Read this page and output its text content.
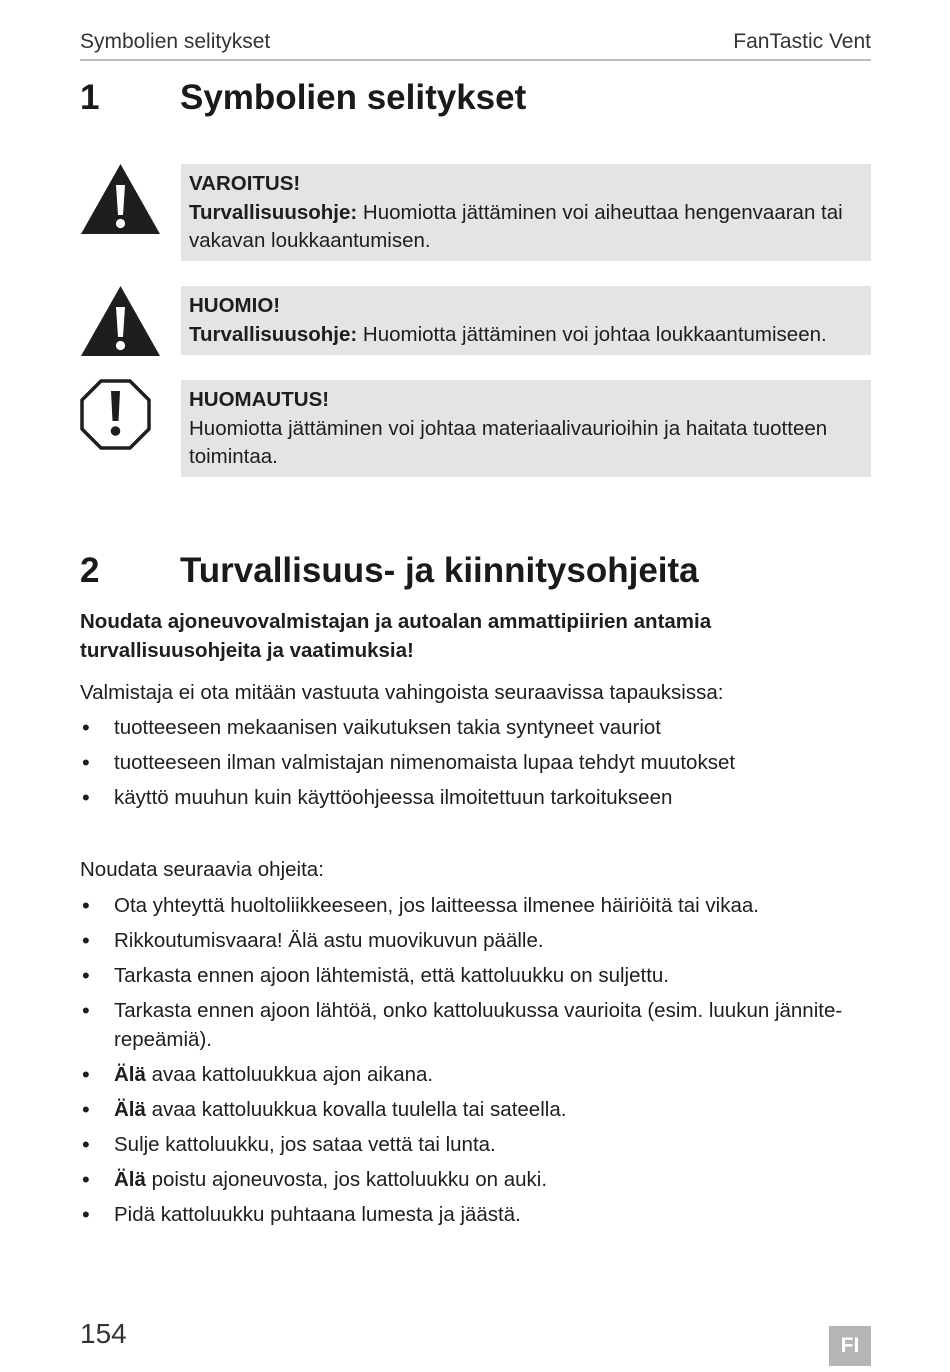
Symbolien selitykset	FanTastic Vent
1 Symbolien selitykset
VAROITUS!
Turvallisuusohje: Huomiotta jättäminen voi aiheuttaa hengenvaaran tai vakavan loukkaantumisen.
HUOMIO!
Turvallisuusohje: Huomiotta jättäminen voi johtaa loukkaantumiseen.
HUOMAUTUS!
Huomiotta jättäminen voi johtaa materiaalivaurioihin ja haitata tuotteen toimintaa.
2 Turvallisuus- ja kiinnitysohjeita
Noudata ajoneuvovalmistajan ja autoalan ammattipiirien antamia turvallisuusohjeita ja vaatimuksia!
Valmistaja ei ota mitään vastuuta vahingoista seuraavissa tapauksissa:
• tuotteeseen mekaanisen vaikutuksen takia syntyneet vauriot
• tuotteeseen ilman valmistajan nimenomaista lupaa tehdyt muutokset
• käyttö muuhun kuin käyttöohjeessa ilmoitettuun tarkoitukseen
Noudata seuraavia ohjeita:
• Ota yhteyttä huoltoliikkeeseen, jos laitteessa ilmenee häiriöitä tai vikaa.
• Rikkoutumisvaara! Älä astu muovikuvun päälle.
• Tarkasta ennen ajoon lähtemistä, että kattoluukku on suljettu.
• Tarkasta ennen ajoon lähtöä, onko kattoluukussa vaurioita (esim. luukun jännite-repeämiä).
• Älä avaa kattoluukkua ajon aikana.
• Älä avaa kattoluukkua kovalla tuulella tai sateella.
• Sulje kattoluukku, jos sataa vettä tai lunta.
• Älä poistu ajoneuvosta, jos kattoluukku on auki.
• Pidä kattoluukku puhtaana lumesta ja jäästä.
154	FI
